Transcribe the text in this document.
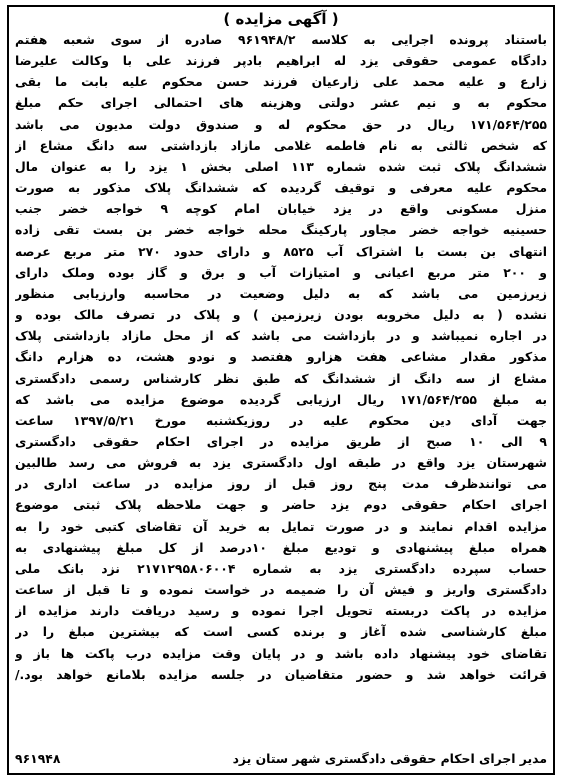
( آگهی مزایده )
باستناد پرونده اجرایی به کلاسه ۹۶۱۹۴۸/۲ صادره از سوی شعبه هفتم
دادگاه عمومی حقوقی یزد له ابراهیم بادپر فرزند علی با وکالت علیرضا
زارع و علیه محمد علی زارعیان فرزند حسن محکوم علیه بابت ما بقی
محکوم به و نیم عشر دولتی وهزینه های احتمالی اجرای حکم مبلغ
۱۷۱/۵۶۴/۲۵۵ ریال در حق محکوم له و صندوق دولت مدیون می باشد
که شخص ثالثی به نام فاطمه غلامی مازاد بازداشتی سه دانگ مشاع از
ششدانگ پلاک ثبت شده شماره ۱۱۳ اصلی بخش ۱ یزد را به عنوان مال
محکوم علیه معرفی و توقیف گردیده که ششدانگ پلاک مذکور به صورت
منزل مسکونی واقع در یزد خیابان امام کوچه ۹ خواجه خضر جنب
حسینیه خواجه خضر مجاور پارکینگ محله خواجه خضر بن بست تقی زاده
انتهای بن بست با اشتراک آب ۸۵۲۵ و دارای حدود ۲۷۰ متر مربع عرصه
و ۲۰۰ متر مربع اعیانی و امتیازات آب و برق و گاز بوده وملک دارای
زیرزمین می باشد که به دلیل وضعیت در محاسبه وارزیابی منظور
نشده ( به دلیل مخروبه بودن زیرزمین ) و پلاک در تصرف مالک بوده و
در اجاره نمیباشد و در بازداشت می باشد که از محل مازاد بازداشتی پلاک
مذکور مقدار مشاعی هفت هزارو هفتصد و نودو هشت، ده هزارم دانگ
مشاع از سه دانگ از ششدانگ که طبق نظر کارشناس رسمی دادگستری
به مبلغ ۱۷۱/۵۶۴/۲۵۵ ریال ارزیابی گردیده موضوع مزایده می باشد که
جهت آدای دین محکوم علیه در روزیکشنبه مورخ ۱۳۹۷/۵/۲۱ ساعت
۹ الی ۱۰ صبح از طریق مزایده در اجرای احکام حقوقی دادگستری
شهرستان یزد واقع در طبقه اول دادگستری یزد به فروش می رسد طالبین
می توانندظرف مدت پنج روز قبل از روز مزایده در ساعت اداری در
اجرای احکام حقوقی دوم یزد حاضر و جهت ملاحظه پلاک ثبتی موضوع
مزایده اقدام نمایند و در صورت تمایل به خرید آن تقاضای کتبی خود را به
همراه مبلغ پیشنهادی و تودیع مبلغ ۱۰درصد از کل مبلغ پیشنهادی به
حساب سپرده دادگستری یزد به شماره ۲۱۷۱۲۹۵۸۰۶۰۰۴ نزد بانک ملی
دادگستری واریز و فیش آن را ضمیمه در خواست نموده و تا قبل از ساعت
مزایده در پاکت دربسته تحویل اجرا نموده و رسید دریافت دارند مزایده از
مبلغ کارشناسی شده آغاز و برنده کسی است که بیشترین مبلغ را در
تقاضای خود پیشنهاد داده باشد و در پایان وقت مزایده درب پاکت ها باز و
قرائت خواهد شد و حضور متقاضیان در جلسه مزایده بلامانع خواهد بود./
مدیر اجرای احکام حقوقی دادگستری شهر ستان یزد
۹۶۱۹۴۸
